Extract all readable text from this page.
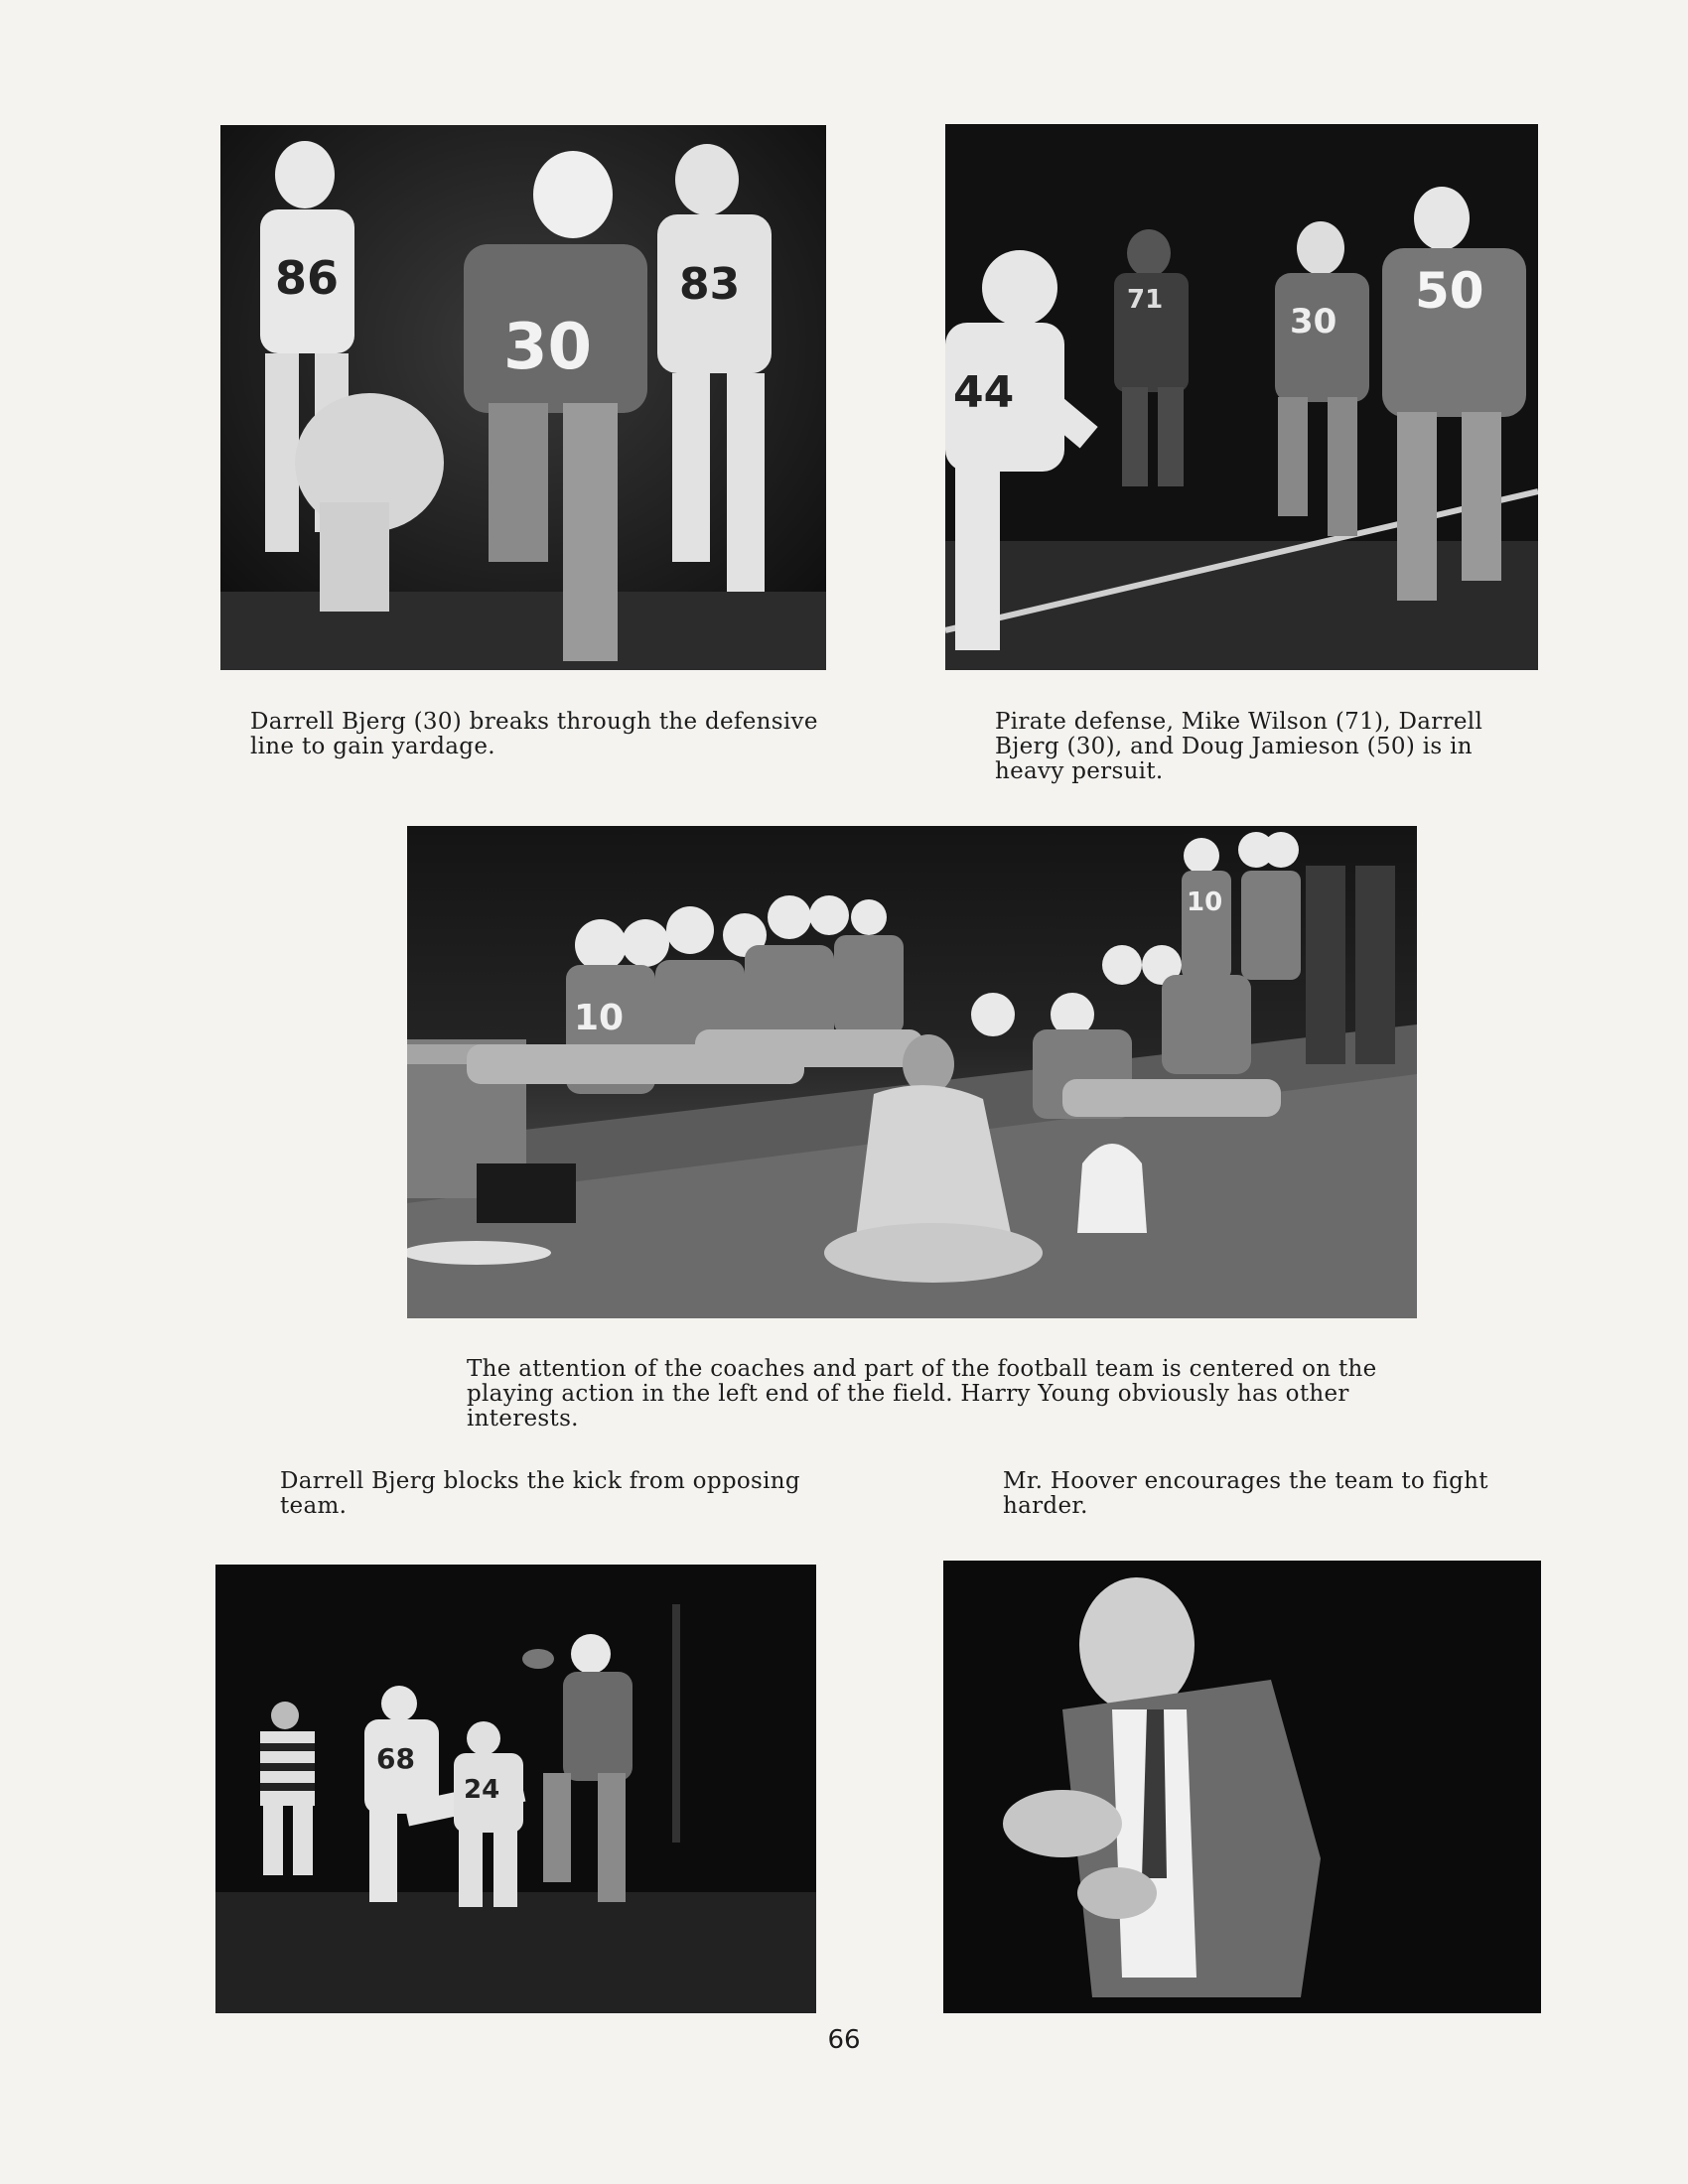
86	83
30
44
71
30
50

Darrell Bjerg (30) breaks through the defensive line to gain yardage.

Pirate defense, Mike Wilson (71), Darrell Bjerg (30), and Doug Jamieson (50) is in heavy persuit.

10
10

The attention of the coaches and part of the football team is centered on the playing action in the left end of the field. Harry Young obviously has other interests.

Darrell Bjerg blocks the kick from opposing team.

Mr. Hoover encourages the team to fight harder.

68
24
66
